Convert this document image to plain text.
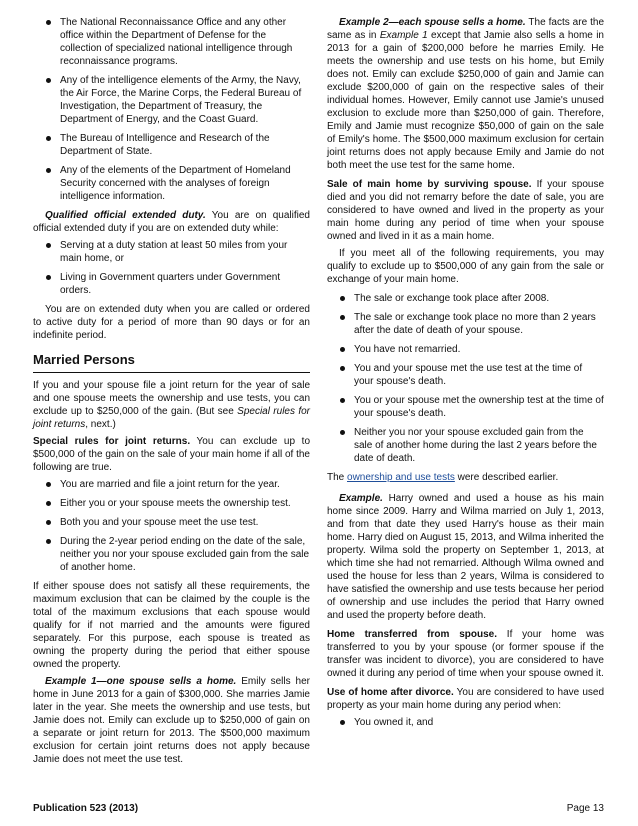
The National Reconnaissance Office and any other office within the Department of Defense for the collection of specialized national intelligence through reconnaissance programs.
Any of the intelligence elements of the Army, the Navy, the Air Force, the Marine Corps, the Federal Bureau of Investigation, the Department of Treasury, the Department of Energy, and the Coast Guard.
The Bureau of Intelligence and Research of the Department of State.
Any of the elements of the Department of Homeland Security concerned with the analyses of foreign intelligence information.

Qualified official extended duty. You are on qualified official extended duty if you are on extended duty while:

Serving at a duty station at least 50 miles from your main home, or
Living in Government quarters under Government orders.

You are on extended duty when you are called or ordered to active duty for a period of more than 90 days or for an indefinite period.

Married Persons

If you and your spouse file a joint return for the year of sale and one spouse meets the ownership and use tests, you can exclude up to $250,000 of the gain. (But see Special rules for joint returns, next.)

Special rules for joint returns. You can exclude up to $500,000 of the gain on the sale of your main home if all of the following are true.

You are married and file a joint return for the year.
Either you or your spouse meets the ownership test.
Both you and your spouse meet the use test.
During the 2-year period ending on the date of the sale, neither you nor your spouse excluded gain from the sale of another home.

If either spouse does not satisfy all these requirements, the maximum exclusion that can be claimed by the couple is the total of the maximum exclusions that each spouse would qualify for if not married and the amounts were figured separately. For this purpose, each spouse is treated as owning the property during the period that either spouse owned the property.

Example 1—one spouse sells a home. Emily sells her home in June 2013 for a gain of $300,000. She marries Jamie later in the year. She meets the ownership and use tests, but Jamie does not. Emily can exclude up to $250,000 of gain on a separate or joint return for 2013. The $500,000 maximum exclusion for certain joint returns does not apply because Jamie does not meet the use test.

Example 2—each spouse sells a home. The facts are the same as in Example 1 except that Jamie also sells a home in 2013 for a gain of $200,000 before he marries Emily. He meets the ownership and use tests on his home, but Emily does not. Emily can exclude $250,000 of gain and Jamie can exclude $200,000 of gain on the respective sales of their individual homes. However, Emily cannot use Jamie's unused exclusion to exclude more than $250,000 of gain. Therefore, Emily and Jamie must recognize $50,000 of gain on the sale of Emily's home. The $500,000 maximum exclusion for certain joint returns does not apply because Emily and Jamie do not both meet the use test for the same home.

Sale of main home by surviving spouse. If your spouse died and you did not remarry before the date of sale, you are considered to have owned and lived in the property as your main home during any period of time when your spouse owned and lived in it as a main home.

If you meet all of the following requirements, you may qualify to exclude up to $500,000 of any gain from the sale or exchange of your main home.

The sale or exchange took place after 2008.
The sale or exchange took place no more than 2 years after the date of death of your spouse.
You have not remarried.
You and your spouse met the use test at the time of your spouse's death.
You or your spouse met the ownership test at the time of your spouse's death.
Neither you nor your spouse excluded gain from the sale of another home during the last 2 years before the date of death.

The ownership and use tests were described earlier.

Example. Harry owned and used a house as his main home since 2009. Harry and Wilma married on July 1, 2013, and from that date they used Harry's house as their main home. Harry died on August 15, 2013, and Wilma inherited the property. Wilma sold the property on September 1, 2013, at which time she had not remarried. Although Wilma owned and used the house for less than 2 years, Wilma is considered to have satisfied the ownership and use tests because her period of ownership and use includes the period that Harry owned and used the property before death.

Home transferred from spouse. If your home was transferred to you by your spouse (or former spouse if the transfer was incident to divorce), you are considered to have owned it during any period of time when your spouse owned it.

Use of home after divorce. You are considered to have used property as your main home during any period when:

You owned it, and
Publication 523 (2013)	Page 13
